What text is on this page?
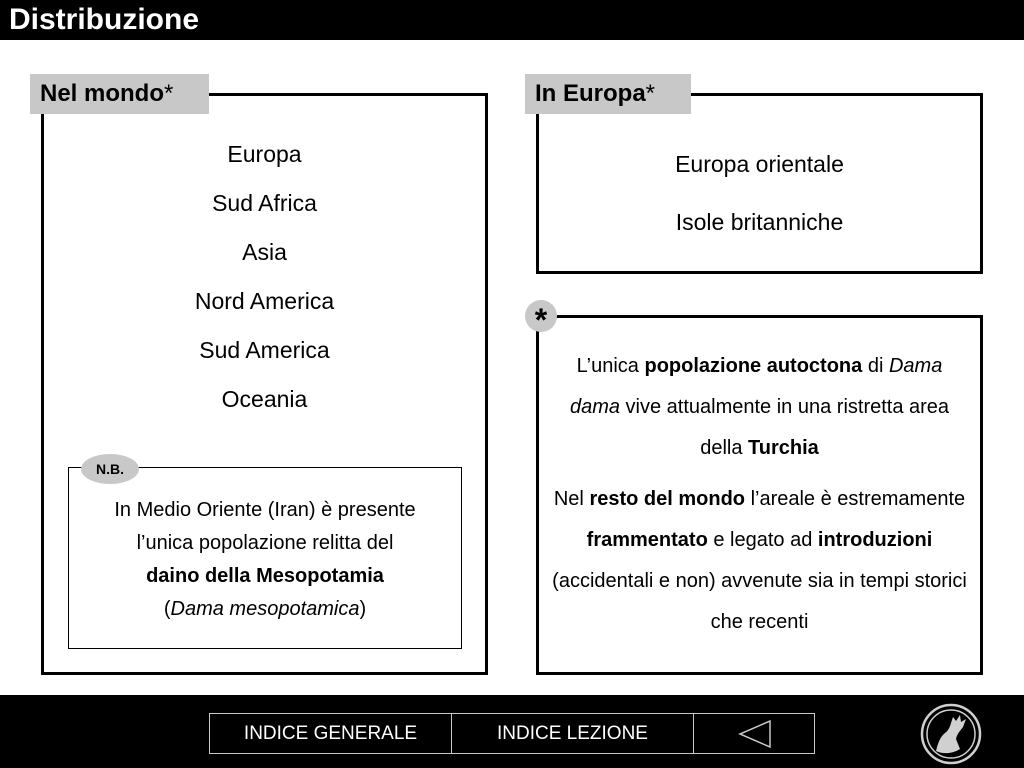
Distribuzione
Europa
Sud Africa
Asia
Nord America
Sud America
Oceania
N.B.
In Medio Oriente (Iran) è presente
l’unica popolazione relitta del
daino della Mesopotamia
(Dama mesopotamica)
Nel mondo*
Europa orientale
Isole britanniche
In Europa*
L’unica popolazione autoctona di Dama dama vive attualmente in una ristretta area della Turchia
Nel resto del mondo l’areale è estremamente frammentato e legato ad introduzioni (accidentali e non) avvenute sia in tempi storici che recenti
*
INDICE GENERALE	INDICE LEZIONE
